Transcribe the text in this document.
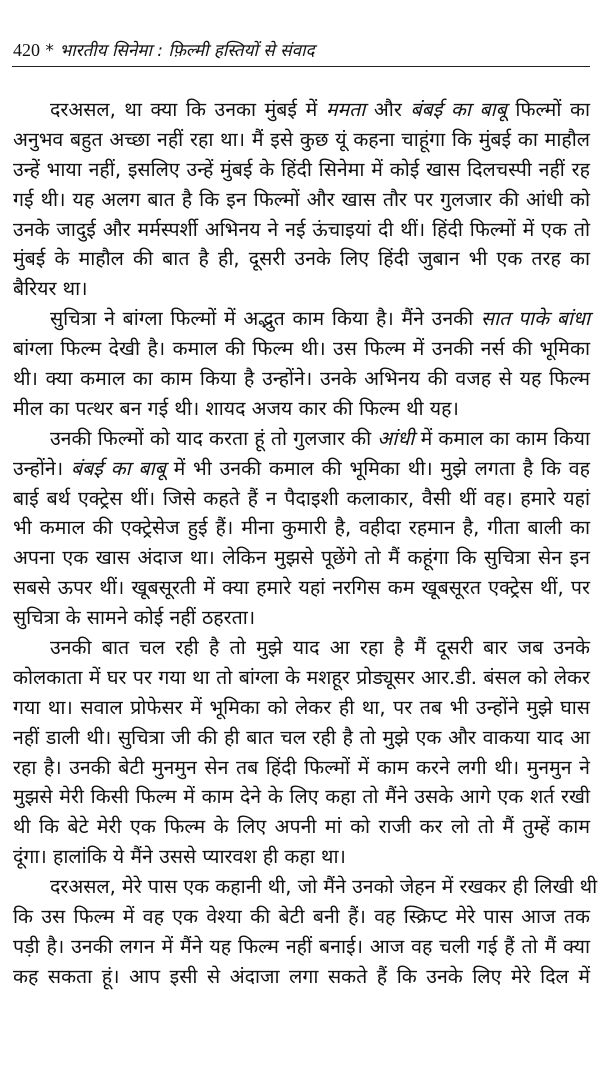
420 * भारतीय सिनेमा : फ़िल्मी हस्तियों से संवाद
दरअसल, था क्या कि उनका मुंबई में ममता और बंबई का बाबू फिल्मों का
अनुभव बहुत अच्छा नहीं रहा था। मैं इसे कुछ यूं कहना चाहूंगा कि मुंबई का माहौल
उन्हें भाया नहीं, इसलिए उन्हें मुंबई के हिंदी सिनेमा में कोई खास दिलचस्पी नहीं रह
गई थी। यह अलग बात है कि इन फिल्मों और खास तौर पर गुलजार की आंधी को
उनके जादुई और मर्मस्पर्शी अभिनय ने नई ऊंचाइयां दी थीं। हिंदी फिल्मों में एक तो
मुंबई के माहौल की बात है ही, दूसरी उनके लिए हिंदी जुबान भी एक तरह का
बैरियर था।
सुचित्रा ने बांग्ला फिल्मों में अद्भुत काम किया है। मैंने उनकी सात पाके बांधा
बांग्ला फिल्म देखी है। कमाल की फिल्म थी। उस फिल्म में उनकी नर्स की भूमिका
थी। क्या कमाल का काम किया है उन्होंने। उनके अभिनय की वजह से यह फिल्म
मील का पत्थर बन गई थी। शायद अजय कार की फिल्म थी यह।
उनकी फिल्मों को याद करता हूं तो गुलजार की आंधी में कमाल का काम किया
उन्होंने। बंबई का बाबू में भी उनकी कमाल की भूमिका थी। मुझे लगता है कि वह
बाई बर्थ एक्ट्रेस थीं। जिसे कहते हैं न पैदाइशी कलाकार, वैसी थीं वह। हमारे यहां
भी कमाल की एक्ट्रेसेज हुई हैं। मीना कुमारी है, वहीदा रहमान है, गीता बाली का
अपना एक खास अंदाज था। लेकिन मुझसे पूछेंगे तो मैं कहूंगा कि सुचित्रा सेन इन
सबसे ऊपर थीं। खूबसूरती में क्या हमारे यहां नरगिस कम खूबसूरत एक्ट्रेस थीं, पर
सुचित्रा के सामने कोई नहीं ठहरता।
उनकी बात चल रही है तो मुझे याद आ रहा है मैं दूसरी बार जब उनके
कोलकाता में घर पर गया था तो बांग्ला के मशहूर प्रोड्यूसर आर.डी. बंसल को लेकर
गया था। सवाल प्रोफेसर में भूमिका को लेकर ही था, पर तब भी उन्होंने मुझे घास
नहीं डाली थी। सुचित्रा जी की ही बात चल रही है तो मुझे एक और वाकया याद आ
रहा है। उनकी बेटी मुनमुन सेन तब हिंदी फिल्मों में काम करने लगी थी। मुनमुन ने
मुझसे मेरी किसी फिल्म में काम देने के लिए कहा तो मैंने उसके आगे एक शर्त रखी
थी कि बेटे मेरी एक फिल्म के लिए अपनी मां को राजी कर लो तो मैं तुम्हें काम
दूंगा। हालांकि ये मैंने उससे प्यारवश ही कहा था।
दरअसल, मेरे पास एक कहानी थी, जो मैंने उनको जेहन में रखकर ही लिखी थी
कि उस फिल्म में वह एक वेश्या की बेटी बनी हैं। वह स्क्रिप्ट मेरे पास आज तक
पड़ी है। उनकी लगन में मैंने यह फिल्म नहीं बनाई। आज वह चली गई हैं तो मैं क्या
कह सकता हूं। आप इसी से अंदाजा लगा सकते हैं कि उनके लिए मेरे दिल में
